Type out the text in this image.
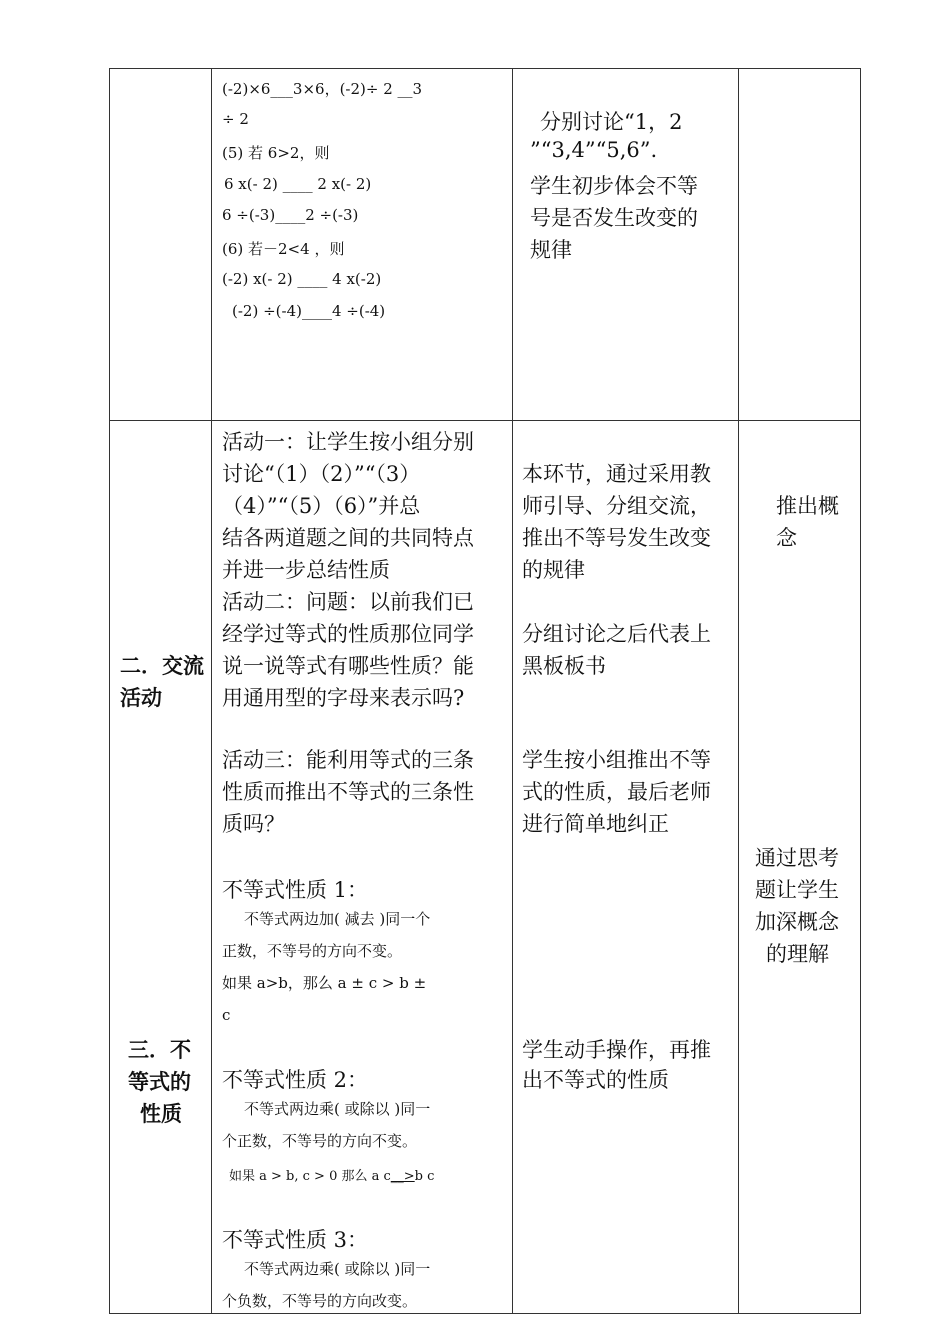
(-2)×6___3×6，(-2)÷ 2 __3
÷ 2
(5) 若 6>2，则
6 x(- 2) ____ 2 x(- 2)
6 ÷(-3)____2 ÷(-3)
(6) 若－2<4 ，则
(-2) x(- 2) ____ 4 x(-2)
(-2) ÷(-4)____4 ÷(-4)
分别讨论“1，2
”“3,4”“5,6”.
学生初步体会不等
号是否发生改变的
规律
二．交流
活动
三．不
等式的
性质
活动一：让学生按小组分别
讨论“（1）（2）”“（3）
（4）”“（5）（6）”并总
结各两道题之间的共同特点
并进一步总结性质
活动二：问题：以前我们已
经学过等式的性质那位同学
说一说等式有哪些性质？能
用通用型的字母来表示吗?
活动三：能利用等式的三条
性质而推出不等式的三条性
质吗？
不等式性质 1：
不等式两边加( 减去 )同一个
正数，不等号的方向不变。
如果 a>b，那么 a ± c > b ±
c
不等式性质 2：
不等式两边乘( 或除以 )同一
个正数，不等号的方向不变。
如果 a > b, c > 0 那么 a c__>b c
不等式性质 3：
不等式两边乘( 或除以 )同一
个负数，不等号的方向改变。
本环节，通过采用教
师引导、分组交流，
推出不等号发生改变
的规律
分组讨论之后代表上
黑板板书
学生按小组推出不等
式的性质，最后老师
进行简单地纠正
学生动手操作，再推
出不等式的性质
推出概
念
通过思考
题让学生
加深概念
的理解
